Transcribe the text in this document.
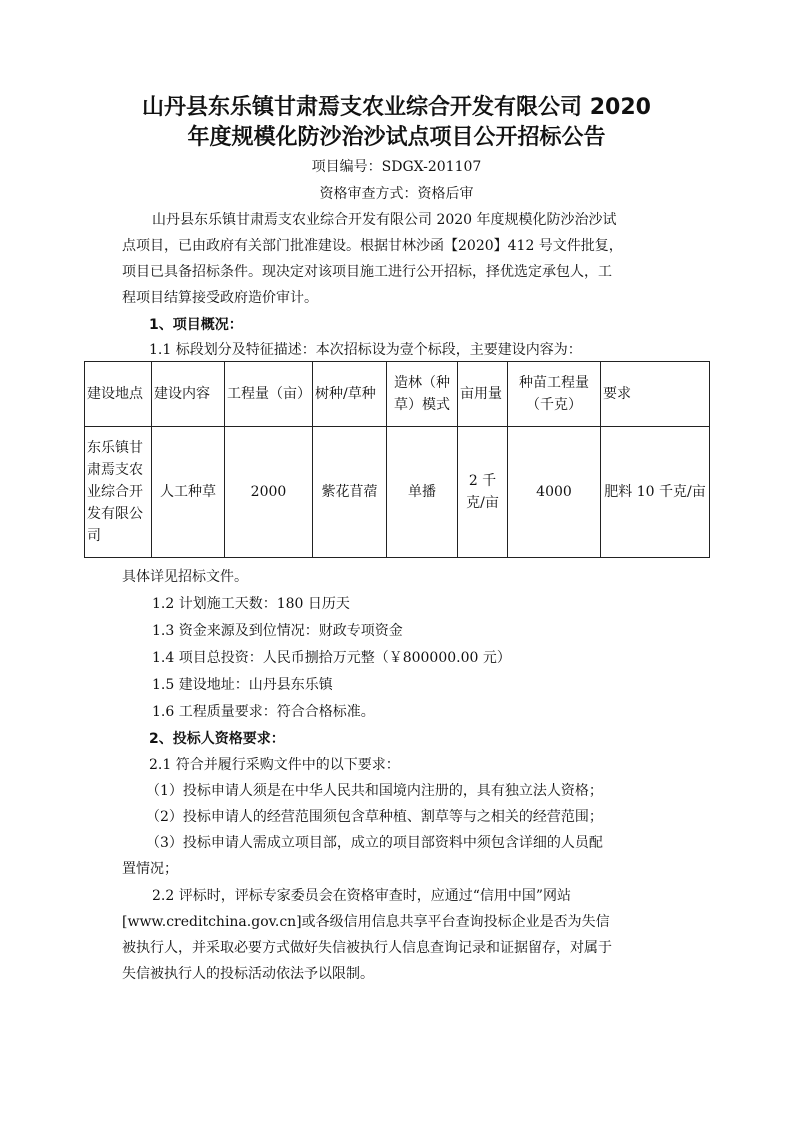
山丹县东乐镇甘肃焉支农业综合开发有限公司 2020
年度规模化防沙治沙试点项目公开招标公告
项目编号：SDGX-201107
资格审查方式：资格后审
山丹县东乐镇甘肃焉支农业综合开发有限公司 2020 年度规模化防沙治沙试
点项目，已由政府有关部门批准建设。根据甘林沙函【2020】412 号文件批复，
项目已具备招标条件。现决定对该项目施工进行公开招标，择优选定承包人，工
程项目结算接受政府造价审计。
1、项目概况：
1.1 标段划分及特征描述：本次招标设为壹个标段，主要建设内容为：
建设地点	建设内容	工程量（亩）	树种/草种	造林（种草）模式	亩用量	种苗工程量（千克）	要求
东乐镇甘肃焉支农业综合开发有限公司	人工种草	2000	紫花苜蓿	单播	2 千克/亩	4000	肥料 10 千克/亩
具体详见招标文件。
1.2 计划施工天数：180 日历天
1.3 资金来源及到位情况：财政专项资金
1.4 项目总投资：人民币捌拾万元整（￥800000.00 元）
1.5 建设地址：山丹县东乐镇
1.6 工程质量要求：符合合格标准。
2、投标人资格要求：
2.1 符合并履行采购文件中的以下要求：
（1）投标申请人须是在中华人民共和国境内注册的，具有独立法人资格；
（2）投标申请人的经营范围须包含草种植、割草等与之相关的经营范围；
（3）投标申请人需成立项目部，成立的项目部资料中须包含详细的人员配
置情况；
2.2 评标时，评标专家委员会在资格审查时，应通过“信用中国”网站
[www.creditchina.gov.cn]或各级信用信息共享平台查询投标企业是否为失信
被执行人，并采取必要方式做好失信被执行人信息查询记录和证据留存，对属于
失信被执行人的投标活动依法予以限制。
